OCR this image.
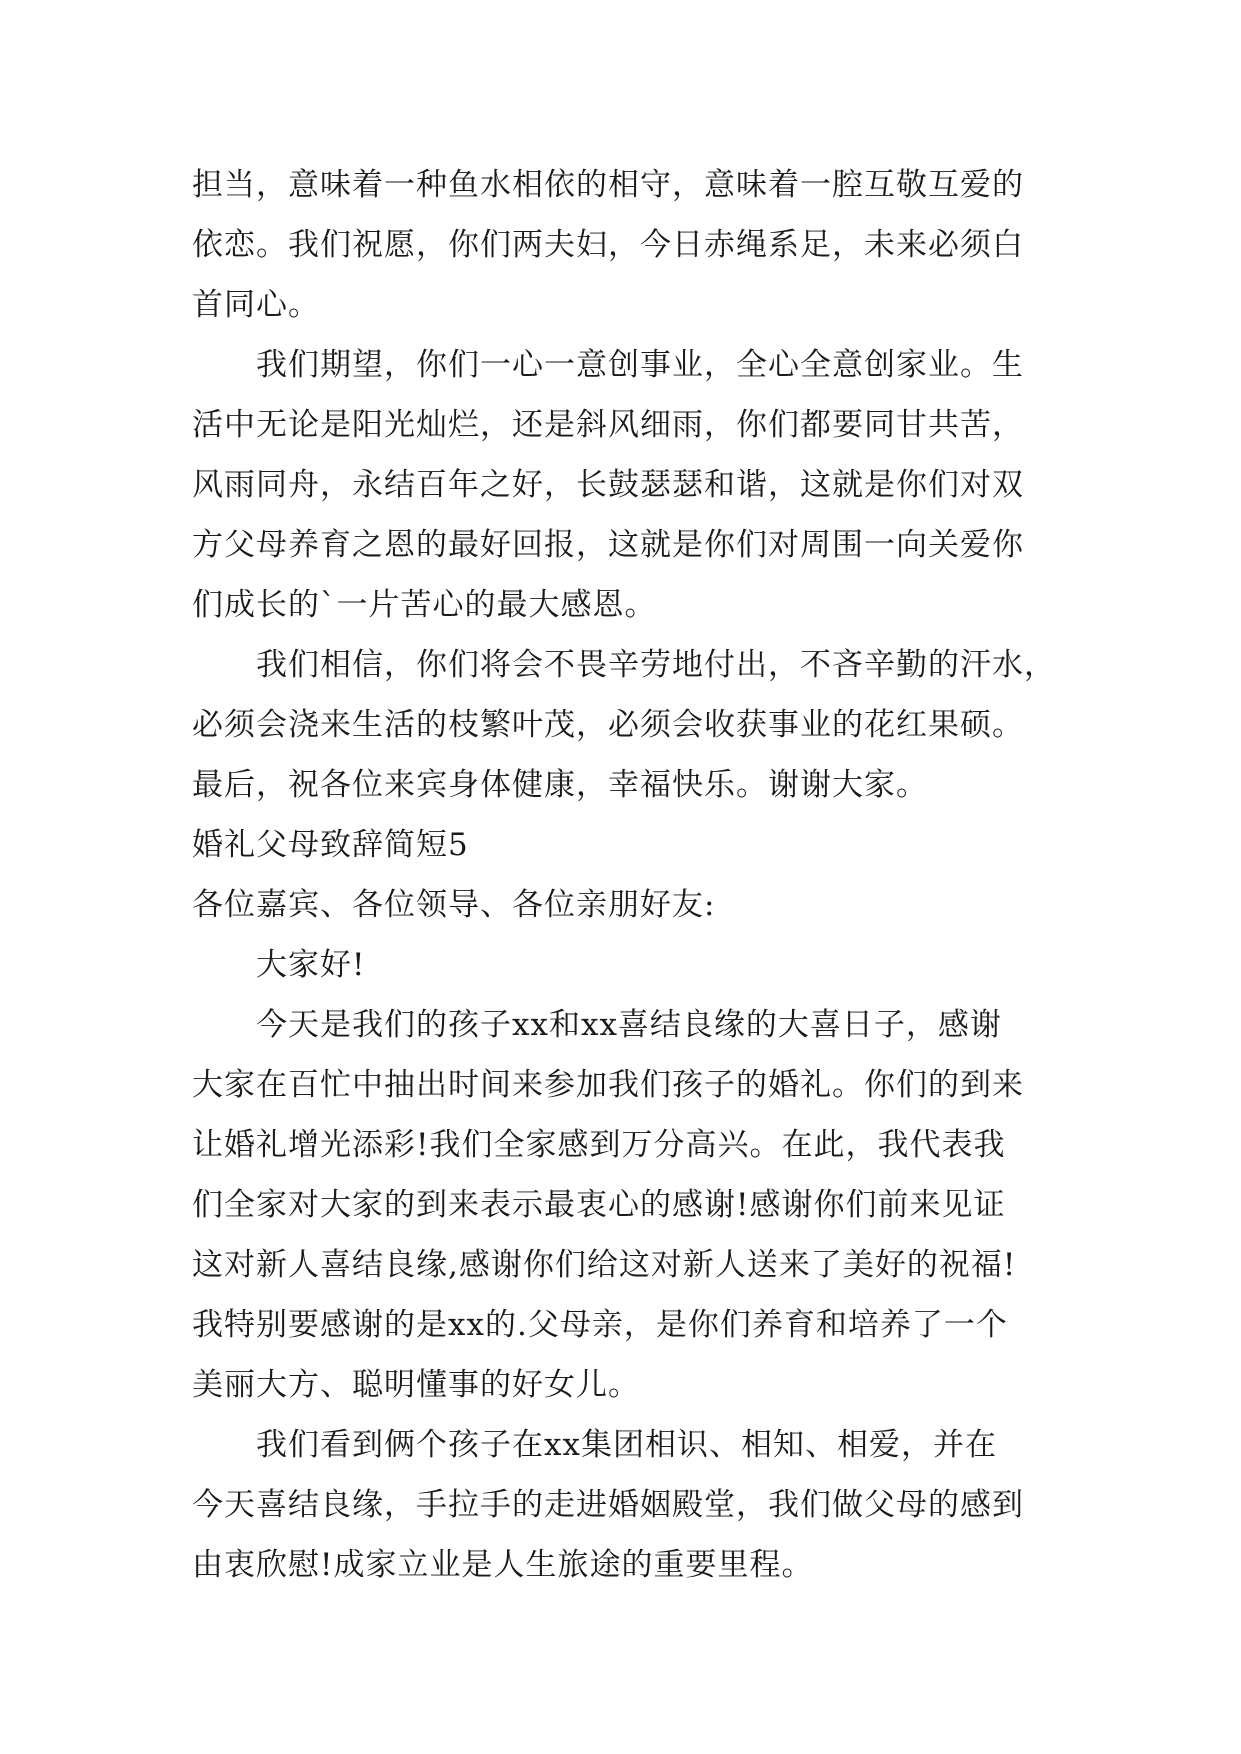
担当，意味着一种鱼水相依的相守，意味着一腔互敬互爱的
依恋。我们祝愿，你们两夫妇，今日赤绳系足，未来必须白
首同心。
我们期望，你们一心一意创事业，全心全意创家业。生
活中无论是阳光灿烂，还是斜风细雨，你们都要同甘共苦，
风雨同舟，永结百年之好，长鼓瑟瑟和谐，这就是你们对双
方父母养育之恩的最好回报，这就是你们对周围一向关爱你
们成长的`一片苦心的最大感恩。
我们相信，你们将会不畏辛劳地付出，不吝辛勤的汗水，
必须会浇来生活的枝繁叶茂，必须会收获事业的花红果硕。
最后，祝各位来宾身体健康，幸福快乐。谢谢大家。
婚礼父母致辞简短5
各位嘉宾、各位领导、各位亲朋好友:
大家好!
今天是我们的孩子xx和xx喜结良缘的大喜日子，感谢
大家在百忙中抽出时间来参加我们孩子的婚礼。你们的到来
让婚礼增光添彩!我们全家感到万分高兴。在此，我代表我
们全家对大家的到来表示最衷心的感谢!感谢你们前来见证
这对新人喜结良缘,感谢你们给这对新人送来了美好的祝福!
我特别要感谢的是xx的.父母亲，是你们养育和培养了一个
美丽大方、聪明懂事的好女儿。
我们看到俩个孩子在xx集团相识、相知、相爱，并在
今天喜结良缘，手拉手的走进婚姻殿堂，我们做父母的感到
由衷欣慰!成家立业是人生旅途的重要里程。
